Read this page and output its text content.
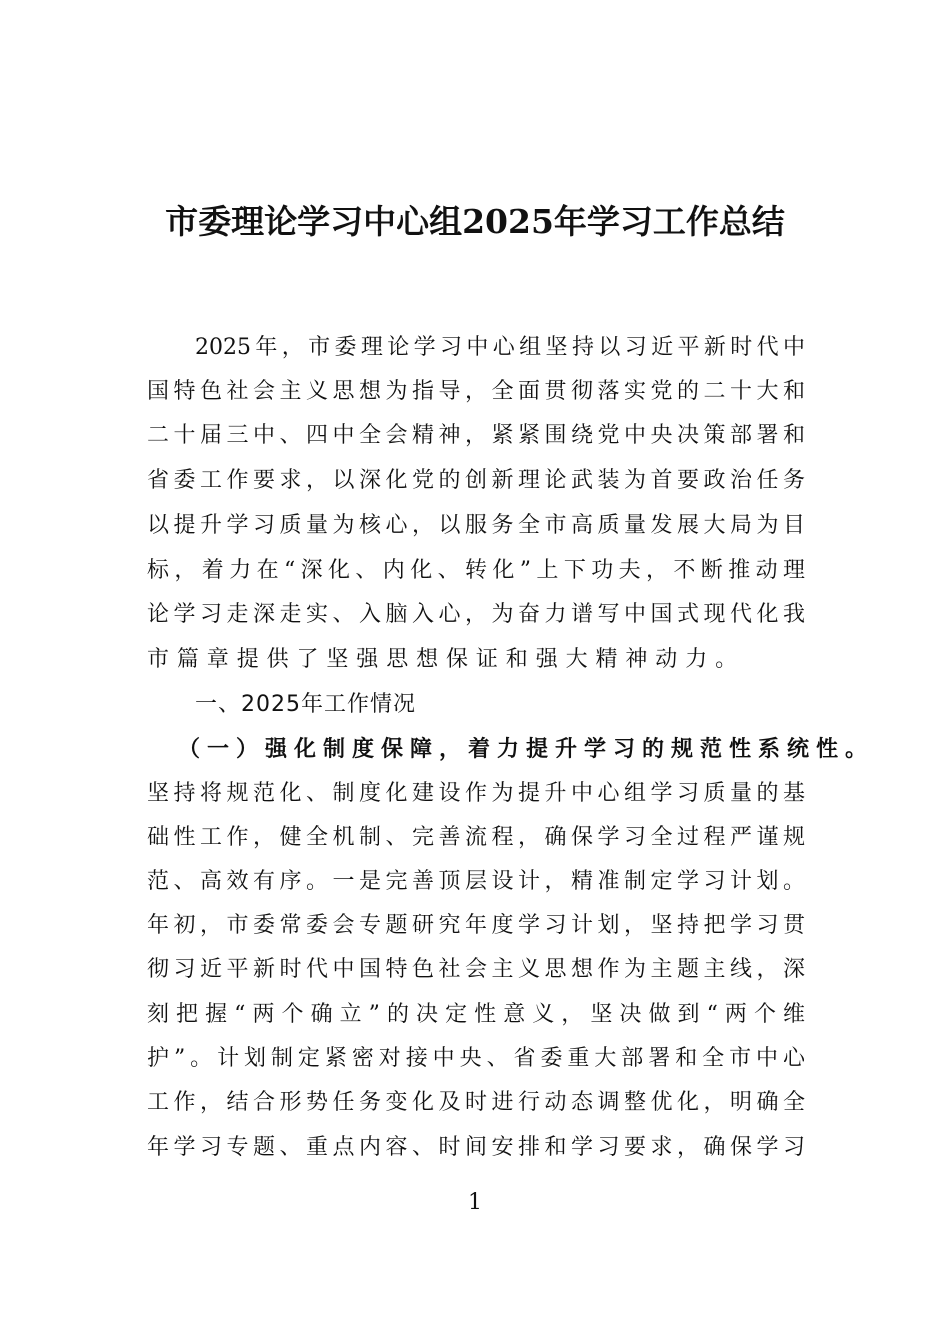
市委理论学习中心组2025年学习工作总结
2025年，市委理论学习中心组坚持以习近平新时代中
国特色社会主义思想为指导，全面贯彻落实党的二十大和
二十届三中、四中全会精神，紧紧围绕党中央决策部署和
省委工作要求，以深化党的创新理论武装为首要政治任务
以提升学习质量为核心，以服务全市高质量发展大局为目
标，着力在“深化、内化、转化”上下功夫，不断推动理
论学习走深走实、入脑入心，为奋力谱写中国式现代化我
市篇章提供了坚强思想保证和强大精神动力。
一、2025年工作情况
（一）强化制度保障，着力提升学习的规范性系统性。
坚持将规范化、制度化建设作为提升中心组学习质量的基
础性工作，健全机制、完善流程，确保学习全过程严谨规
范、高效有序。一是完善顶层设计，精准制定学习计划。
年初，市委常委会专题研究年度学习计划，坚持把学习贯
彻习近平新时代中国特色社会主义思想作为主题主线，深
刻把握“两个确立”的决定性意义，坚决做到“两个维
护”。计划制定紧密对接中央、省委重大部署和全市中心
工作，结合形势任务变化及时进行动态调整优化，明确全
年学习专题、重点内容、时间安排和学习要求，确保学习
1
